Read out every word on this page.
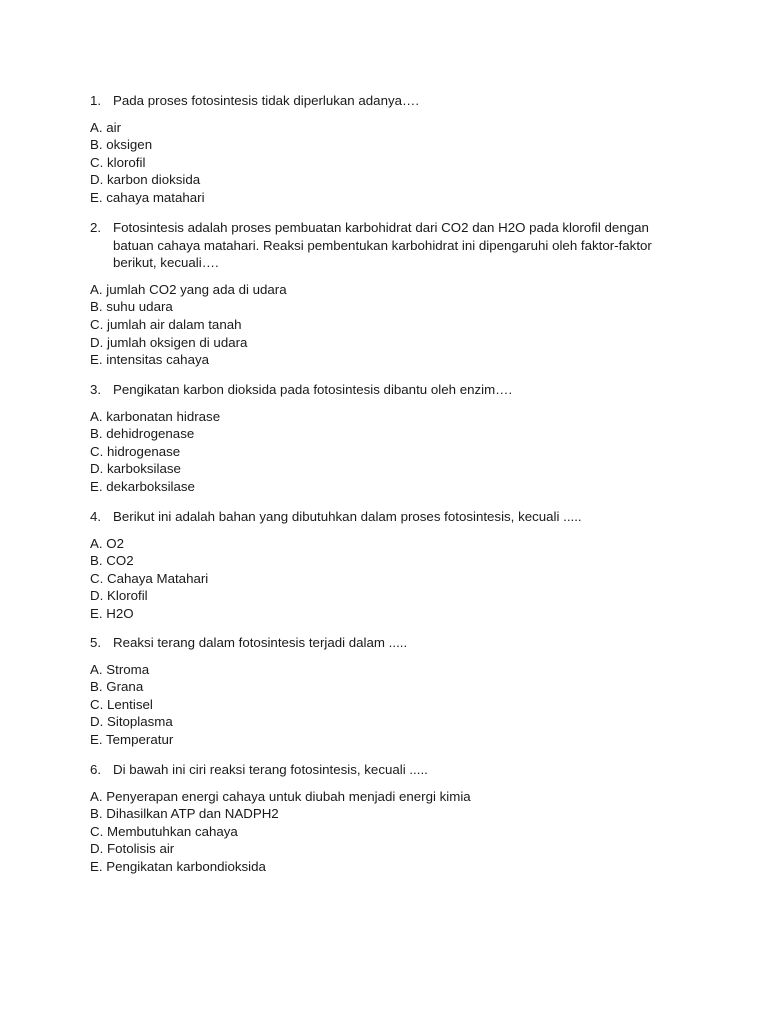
1. Pada proses fotosintesis tidak diperlukan adanya….
A. air
B. oksigen
C. klorofil
D. karbon dioksida
E. cahaya matahari
2. Fotosintesis adalah proses pembuatan karbohidrat dari CO2 dan H2O pada klorofil dengan batuan cahaya matahari. Reaksi pembentukan karbohidrat ini dipengaruhi oleh faktor-faktor berikut, kecuali….
A. jumlah CO2 yang ada di udara
B. suhu udara
C. jumlah air dalam tanah
D. jumlah oksigen di udara
E. intensitas cahaya
3. Pengikatan karbon dioksida pada fotosintesis dibantu oleh enzim….
A. karbonatan hidrase
B. dehidrogenase
C. hidrogenase
D. karboksilase
E. dekarboksilase
4. Berikut ini adalah bahan yang dibutuhkan dalam proses fotosintesis, kecuali .....
A. O2
B. CO2
C. Cahaya Matahari
D. Klorofil
E. H2O
5. Reaksi terang dalam fotosintesis terjadi dalam .....
A. Stroma
B. Grana
C. Lentisel
D. Sitoplasma
E. Temperatur
6. Di bawah ini ciri reaksi terang fotosintesis, kecuali .....
A. Penyerapan energi cahaya untuk diubah menjadi energi kimia
B. Dihasilkan ATP dan NADPH2
C. Membutuhkan cahaya
D. Fotolisis air
E. Pengikatan karbondioksida
